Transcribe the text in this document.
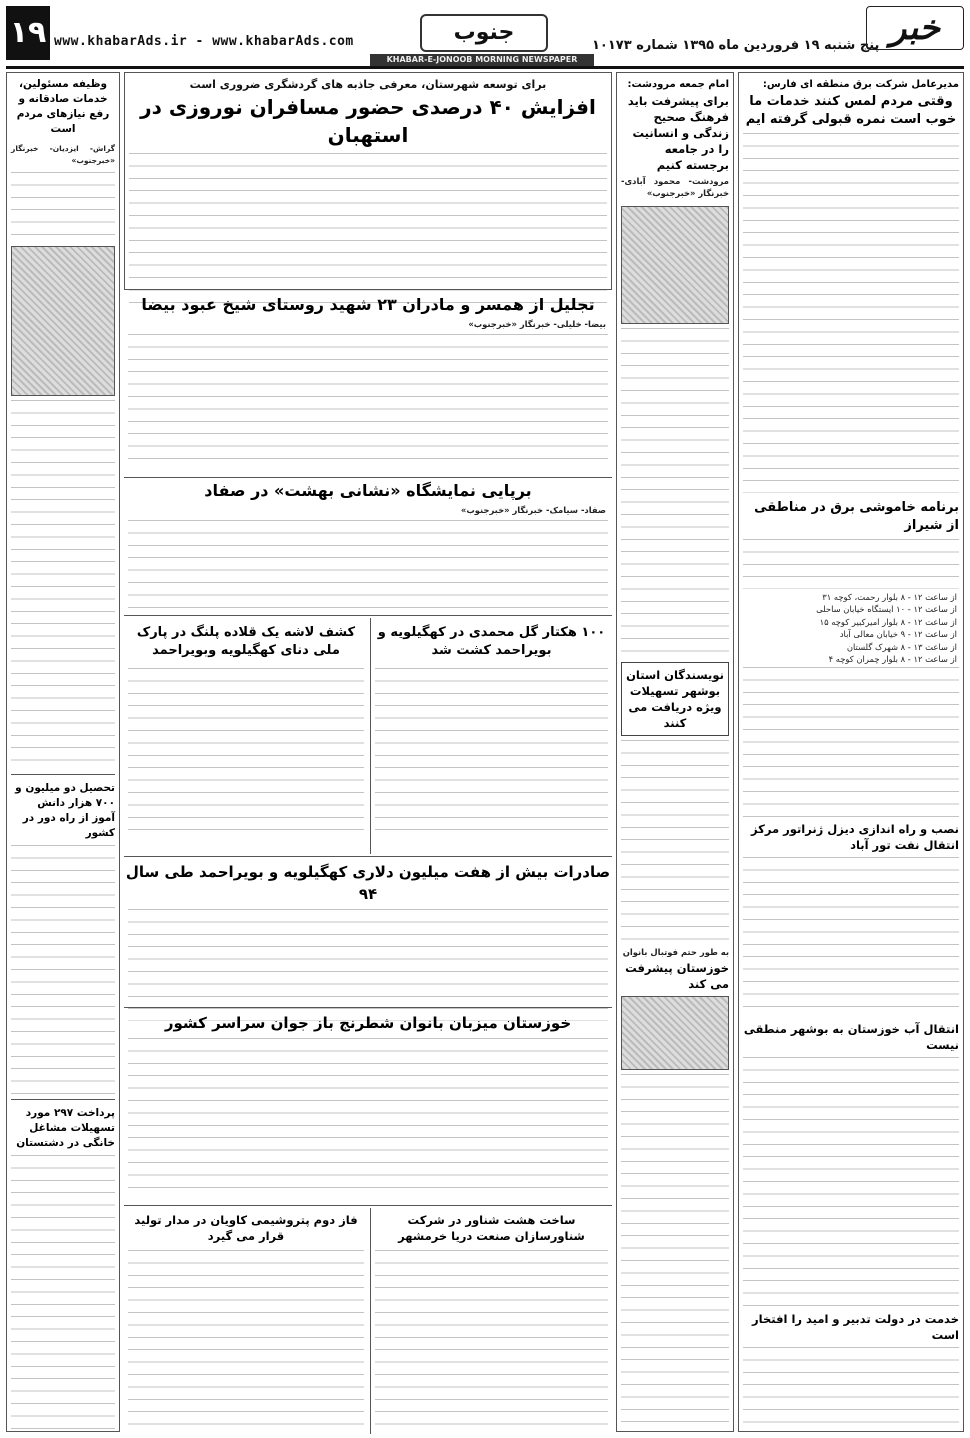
۱۹ www.khabarAds.ir - www.khabarAds.com	جنوب
پنج شنبه ۱۹ فروردین ماه ۱۳۹۵ شماره ۱۰۱۷۳ خبر
KHABAR-E-JONOOB MORNING NEWSPAPER
مدیرعامل شرکت برق منطقه ای فارس:
وقتی مردم لمس کنند خدمات ما خوب است نمره قبولی گرفته ایم
برنامه خاموشی برق در مناطقی از شیراز
از ساعت ۱۲ - ۸ بلوار رحمت، کوچه ۳۱
از ساعت ۱۲ - ۱۰ ایستگاه خیابان ساحلی
از ساعت ۱۲ - ۸ بلوار امیرکبیر کوچه ۱۵
از ساعت ۱۲ - ۹ خیابان معالی آباد
از ساعت ۱۳ - ۸ شهرک گلستان
از ساعت ۱۲ - ۸ بلوار چمران کوچه ۴
نصب و راه اندازی دیزل ژنراتور مرکز انتقال نفت تور آباد
انتقال آب خوزستان به بوشهر منطقی نیست
خدمت در دولت تدبیر و امید را افتخار است
امام جمعه مرودشت:
برای پیشرفت باید فرهنگ صحیح زندگی و انسانیت را در جامعه برجسته کنیم
مرودشت- محمود آبادی- خبرنگار «خبرجنوب»
نویسندگان استان بوشهر تسهیلات ویژه دریافت می کنند
به طور حتم فوتبال بانوان
خوزستان پیشرفت می کند
برای توسعه شهرستان، معرفی جاذبه های گردشگری ضروری است
افزایش ۴۰ درصدی حضور مسافران نوروزی در استهبان
تجلیل از همسر و مادران ۲۳ شهید روستای شیخ عبود بیضا
بیضا- خلیلی- خبرنگار «خبرجنوب»
برپایی نمایشگاه «نشانی بهشت» در صفاد
صفاد- سیامک- خبرنگار «خبرجنوب»
۱۰۰ هکتار گل محمدی در کهگیلویه و بویراحمد کشت شد
کشف لاشه یک قلاده پلنگ در پارک ملی دنای کهگیلویه وبویراحمد
صادرات بیش از هفت میلیون دلاری کهگیلویه و بویراحمد طی سال ۹۴
خوزستان میزبان بانوان شطرنج باز جوان سراسر کشور
ساخت هشت شناور در شرکت شناورسازان صنعت دریا خرمشهر
فاز دوم پتروشیمی کاویان در مدار تولید قرار می گیرد
وظیفه مسئولین، خدمات صادقانه و رفع نیازهای مردم است
گراش- ایزدیان- خبرنگار «خبرجنوب»
تحصیل دو میلیون و ۷۰۰ هزار دانش آموز از راه دور در کشور
پرداخت ۲۹۷ مورد تسهیلات مشاغل خانگی در دشتستان
